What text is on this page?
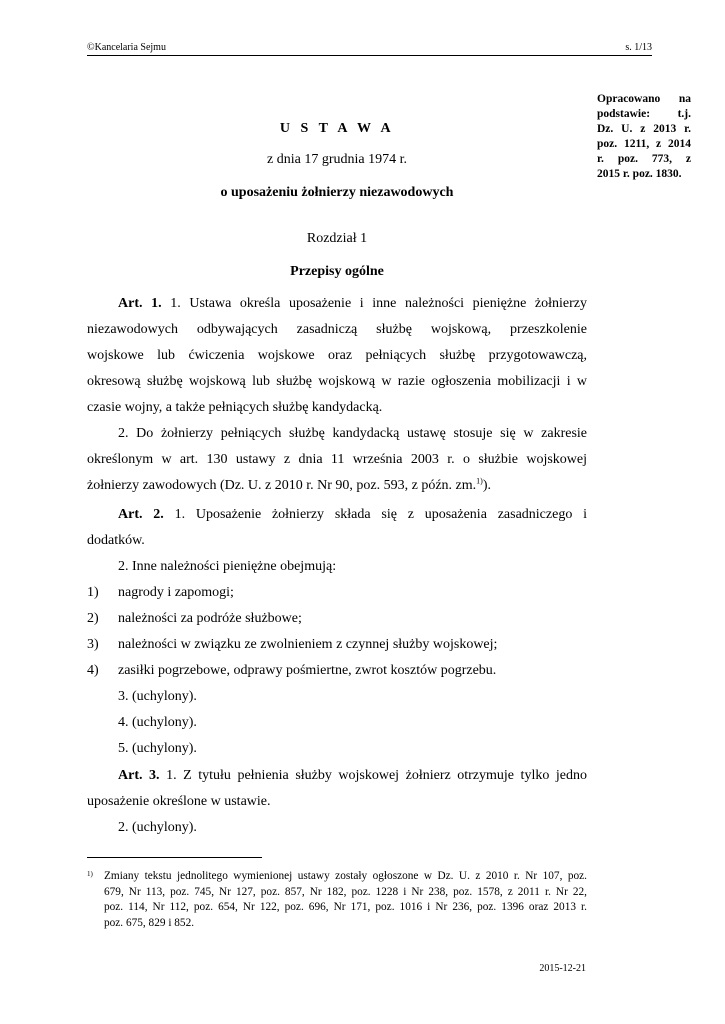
©Kancelaria Sejmu	s. 1/13
Opracowano na
podstawie: t.j.
Dz. U. z 2013 r.
poz. 1211, z 2014
r. poz. 773, z
2015 r. poz. 1830.
U S T A W A
z dnia 17 grudnia 1974 r.
o uposażeniu żołnierzy niezawodowych
Rozdział 1
Przepisy ogólne
Art. 1. 1. Ustawa określa uposażenie i inne należności pieniężne żołnierzy
niezawodowych odbywających zasadniczą służbę wojskową, przeszkolenie
wojskowe lub ćwiczenia wojskowe oraz pełniących służbę przygotowawczą,
okresową służbę wojskową lub służbę wojskową w razie ogłoszenia mobilizacji i w
czasie wojny, a także pełniących służbę kandydacką.
2. Do żołnierzy pełniących służbę kandydacką ustawę stosuje się w zakresie
określonym w art. 130 ustawy z dnia 11 września 2003 r. o służbie wojskowej
żołnierzy zawodowych (Dz. U. z 2010 r. Nr 90, poz. 593, z późn. zm.$^{1)}$).
Art. 2. 1. Uposażenie żołnierzy składa się z uposażenia zasadniczego i
dodatków.
2. Inne należności pieniężne obejmują:
1) nagrody i zapomogi;
2) należności za podróże służbowe;
3) należności w związku ze zwolnieniem z czynnej służby wojskowej;
4) zasiłki pogrzebowe, odprawy pośmiertne, zwrot kosztów pogrzebu.
3. (uchylony).
4. (uchylony).
5. (uchylony).
Art. 3. 1. Z tytułu pełnienia służby wojskowej żołnierz otrzymuje tylko jedno
uposażenie określone w ustawie.
2. (uchylony).
1) Zmiany tekstu jednolitego wymienionej ustawy zostały ogłoszone w Dz. U. z 2010 r. Nr 107, poz.
679, Nr 113, poz. 745, Nr 127, poz. 857, Nr 182, poz. 1228 i Nr 238, poz. 1578, z 2011 r. Nr 22,
poz. 114, Nr 112, poz. 654, Nr 122, poz. 696, Nr 171, poz. 1016 i Nr 236, poz. 1396 oraz 2013 r.
poz. 675, 829 i 852.
2015-12-21
